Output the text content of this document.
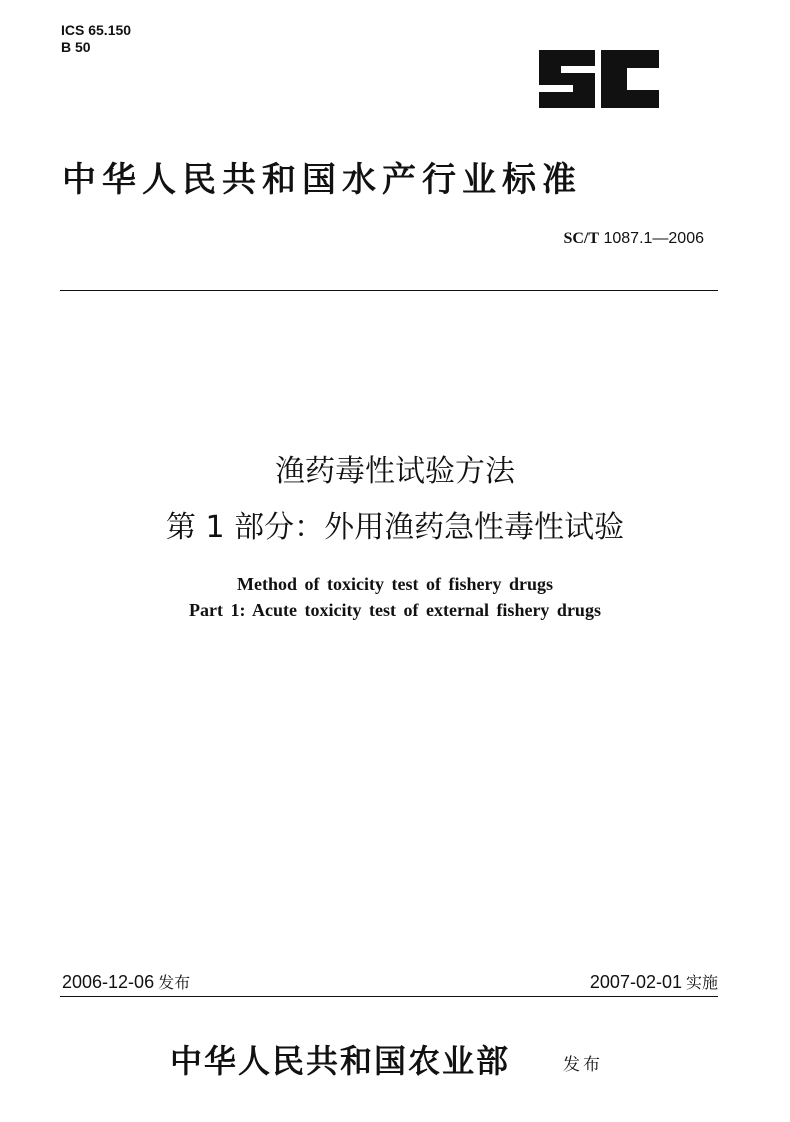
ICS 65.150
B 50
中华人民共和国水产行业标准
SC/T 1087.1—2006
渔药毒性试验方法
第 1 部分：外用渔药急性毒性试验
Method of toxicity test of fishery drugs
Part 1: Acute toxicity test of external fishery drugs
2006-12-06 发布	2007-02-01 实施
中华人民共和国农业部	发布
